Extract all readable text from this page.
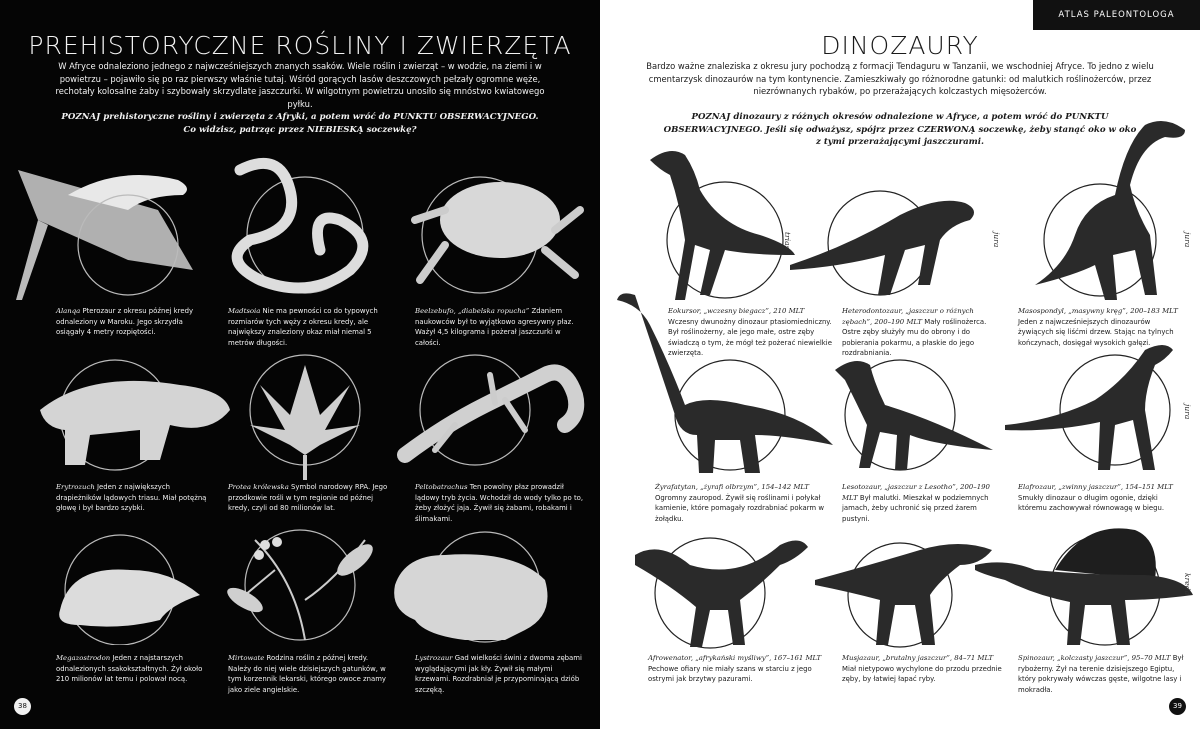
PREHISTORYCZNE ROŚLINY I ZWIERZĘTA
W Afryce odnaleziono jednego z najwcześniejszych znanych ssaków. Wiele roślin i zwierząt – w wodzie, na ziemi i w powietrzu – pojawiło się po raz pierwszy właśnie tutaj. Wśród gorących lasów deszczowych pełzały ogromne węże, rechotały kolosalne żaby i szybowały skrzydlate jaszczurki. W wilgotnym powietrzu unosiło się mnóstwo kwiatowego pyłku.
POZNAJ prehistoryczne rośliny i zwierzęta z Afryki, a potem wróć do PUNKTU OBSERWACYJNEGO. Co widzisz, patrząc przez NIEBIESKĄ soczewkę?
Alanqa Pterozaur z okresu późnej kredy odnaleziony w Maroku. Jego skrzydła osiągały 4 metry rozpiętości.
Madtsoia Nie ma pewności co do typowych rozmiarów tych węży z okresu kredy, ale największy znaleziony okaz miał niemal 5 metrów długości.
Beelzebufo, „diabelska ropucha” Zdaniem naukowców był to wyjątkowo agresywny płaz. Ważył 4,5 kilograma i pożerał jaszczurki w całości.
Erytrozuch Jeden z największych drapieżników lądowych triasu. Miał potężną głowę i był bardzo szybki.
Protea królewska Symbol narodowy RPA. Jego przodkowie rośli w tym regionie od późnej kredy, czyli od 80 milionów lat.
Peltobatrachus Ten powolny płaz prowadził lądowy tryb życia. Wchodził do wody tylko po to, żeby złożyć jaja. Żywił się żabami, robakami i ślimakami.
Megazostrodon Jeden z najstarszych odnalezionych ssakokształtnych. Żył około 210 milionów lat temu i polował nocą.
Mirtowate Rodzina roślin z późnej kredy. Należy do niej wiele dzisiejszych gatunków, w tym korzennik lekarski, którego owoce znamy jako ziele angielskie.
Lystrozaur Gad wielkości świni z dwoma zębami wyglądającymi jak kły. Żywił się małymi krzewami. Rozdrabniał je przypominającą dziób szczęką.
38
ATLAS PALEONTOLOGA
DINOZAURY
Bardzo ważne znaleziska z okresu jury pochodzą z formacji Tendaguru w Tanzanii, we wschodniej Afryce. To jedno z wielu cmentarzysk dinozaurów na tym kontynencie. Zamieszkiwały go różnorodne gatunki: od malutkich roślinożerców, przez niezrównanych rybaków, po przerażających kolczastych mięsożerców.
POZNAJ dinozaury z różnych okresów odnalezione w Afryce, a potem wróć do PUNKTU OBSERWACYJNEGO. Jeśli się odważysz, spójrz przez CZERWONĄ soczewkę, żeby stanąć oko w oko z tymi przerażającymi jaszczurami.
trias	jura	jura
Eokursor, „wczesny biegacz”, 210 MLT Wczesny dwunożny dinozaur ptasiomiedniczny. Był roślinożerny, ale jego małe, ostre zęby świadczą o tym, że mógł też pożerać niewielkie zwierzęta.
Heterodontozaur, „jaszczur o różnych zębach”, 200–190 MLT Mały roślinożerca. Ostre zęby służyły mu do obrony i do pobierania pokarmu, a płaskie do jego rozdrabniania.
Masospondyl, „masywny kręg”, 200–183 MLT Jeden z najwcześniejszych dinozaurów żywiących się liśćmi drzew. Stając na tylnych kończynach, dosięgał wysokich gałęzi.
jura
Żyrafatytan, „żyrafi olbrzym”, 154–142 MLT Ogromny zauropod. Żywił się roślinami i połykał kamienie, które pomagały rozdrabniać pokarm w żołądku.
Lesotozaur, „jaszczur z Lesotho”, 200–190 MLT Był malutki. Mieszkał w podziemnych jamach, żeby uchronić się przed żarem pustyni.
Elafrozaur, „zwinny jaszczur”, 154–151 MLT Smukły dinozaur o długim ogonie, dzięki któremu zachowywał równowagę w biegu.
kreda
Afrowenator, „afrykański myśliwy”, 167–161 MLT Pechowe ofiary nie miały szans w starciu z jego ostrymi jak brzytwy pazurami.
Musjazaur, „brutalny jaszczur”, 84–71 MLT Miał nietypowo wychylone do przodu przednie zęby, by łatwiej łapać ryby.
Spinozaur, „kolczasty jaszczur”, 95–70 MLT Był rybożerny. Żył na terenie dzisiejszego Egiptu, który pokrywały wówczas gęste, wilgotne lasy i mokradła.
39
